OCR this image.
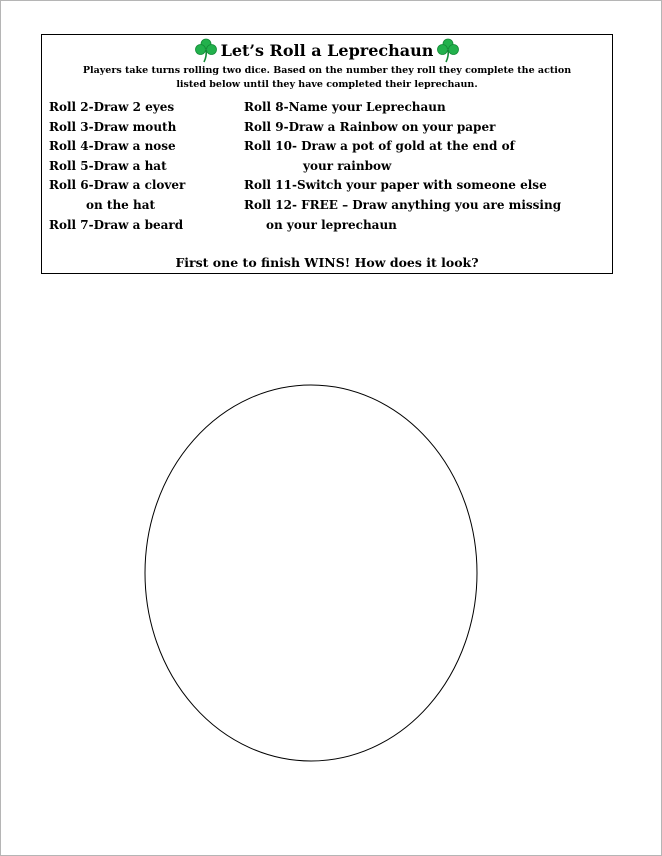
Let’s Roll a Leprechaun
Players take turns rolling two dice. Based on the number they roll they complete the action
listed below until they have completed their leprechaun.
Roll 2-Draw 2 eyes
Roll 3-Draw mouth
Roll 4-Draw a nose
Roll 5-Draw a hat
Roll 6-Draw a clover
on the hat
Roll 7-Draw a beard
Roll 8-Name your Leprechaun
Roll 9-Draw a Rainbow on your paper
Roll 10- Draw a pot of gold at the end of
your rainbow
Roll 11-Switch your paper with someone else
Roll 12- FREE – Draw anything you are missing
on your leprechaun
First one to finish WINS! How does it look?
